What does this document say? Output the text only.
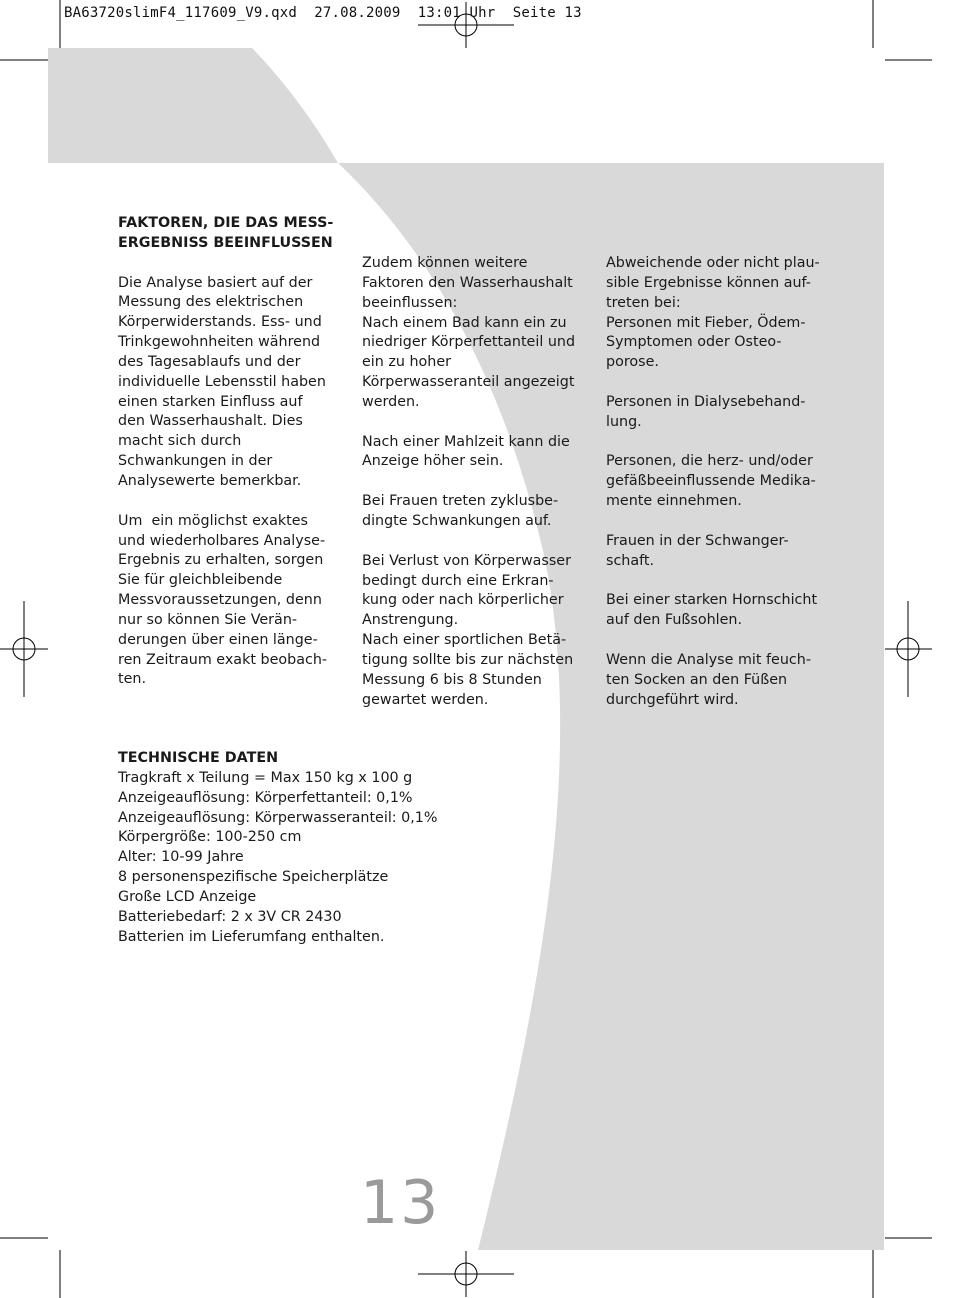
BA63720slimF4_117609_V9.qxd  27.08.2009  13:01 Uhr  Seite 13

FAKTOREN, DIE DAS MESS-
ERGEBNISS BEEINFLUSSEN

Die Analyse basiert auf der
Messung des elektrischen
Körperwiderstands. Ess- und
Trinkgewohnheiten während
des Tagesablaufs und der
individuelle Lebensstil haben
einen starken Einfluss auf
den Wasserhaushalt. Dies
macht sich durch
Schwankungen in der
Analysewerte bemerkbar.

Um  ein möglichst exaktes
und wiederholbares Analyse-
Ergebnis zu erhalten, sorgen
Sie für gleichbleibende
Messvoraussetzungen, denn
nur so können Sie Verän-
derungen über einen länge-
ren Zeitraum exakt beobach-
ten.

Zudem können weitere
Faktoren den Wasserhaushalt
beeinflussen:
Nach einem Bad kann ein zu
niedriger Körperfettanteil und
ein zu hoher
Körperwasseranteil angezeigt
werden.

Nach einer Mahlzeit kann die
Anzeige höher sein.

Bei Frauen treten zyklusbe-
dingte Schwankungen auf.

Bei Verlust von Körperwasser
bedingt durch eine Erkran-
kung oder nach körperlicher
Anstrengung.
Nach einer sportlichen Betä-
tigung sollte bis zur nächsten
Messung 6 bis 8 Stunden
gewartet werden.

Abweichende oder nicht plau-
sible Ergebnisse können auf-
treten bei:
Personen mit Fieber, Ödem-
Symptomen oder Osteo-
porose.

Personen in Dialysebehand-
lung.

Personen, die herz- und/oder
gefäßbeeinflussende Medika-
mente einnehmen.

Frauen in der Schwanger-
schaft.

Bei einer starken Hornschicht
auf den Fußsohlen.

Wenn die Analyse mit feuch-
ten Socken an den Füßen
durchgeführt wird.

TECHNISCHE DATEN
Tragkraft x Teilung = Max 150 kg x 100 g
Anzeigeauflösung: Körperfettanteil: 0,1%
Anzeigeauflösung: Körperwasseranteil: 0,1%
Körpergröße: 100-250 cm
Alter: 10-99 Jahre
8 personenspezifische Speicherplätze
Große LCD Anzeige
Batteriebedarf: 2 x 3V CR 2430
Batterien im Lieferumfang enthalten.
13
